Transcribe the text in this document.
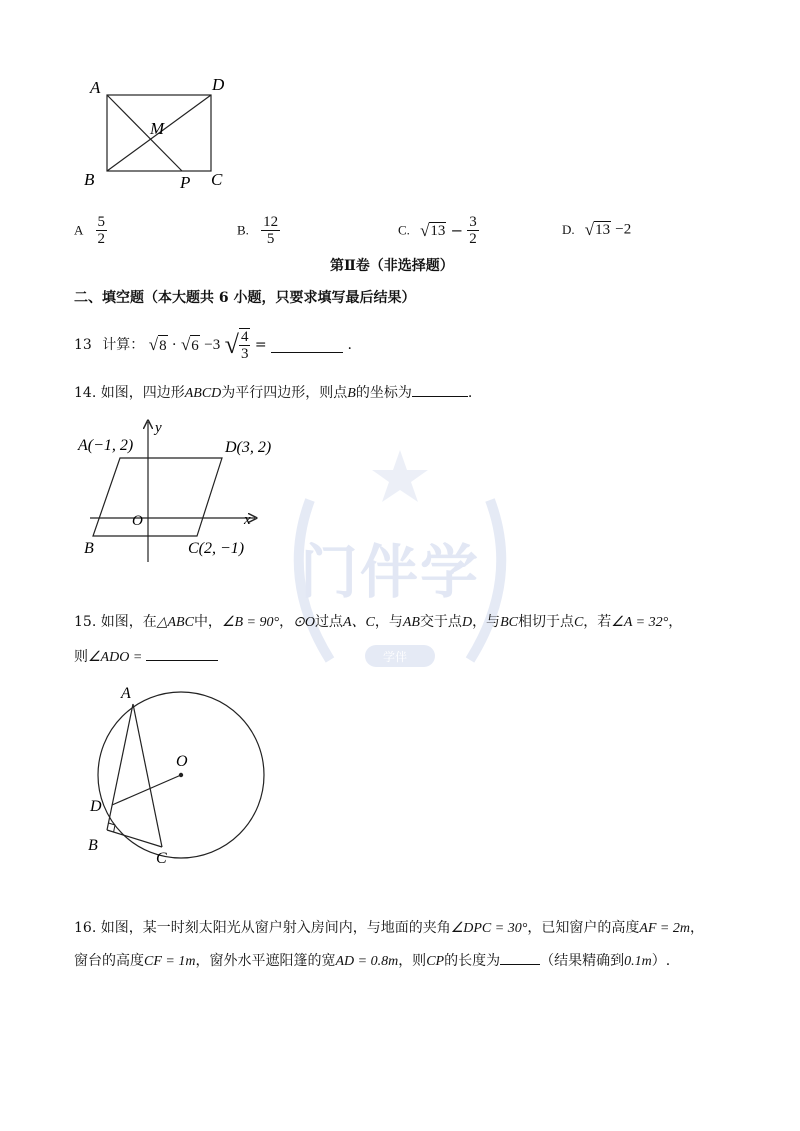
门伴学
学伴
A	D
M
B	P C
A $\frac{5}{2}$	B. $\frac{12}{5}$	C. $√13 - \frac{3}{2}$	D. √13 −2
第Ⅱ卷（非选择题）
二、填空题（本大题共 6 小题，只要求填写最后结果）
13 计算： √8 · √6 −3 √ $\frac{4}{3}$ =	.
14. 如图，四边形ABCD为平行四边形，则点B的坐标为	.
y
x
O
A(−1, 2)	D(3, 2)
B	C(2, −1)
15. 如图，在△ABC中，∠B = 90°，⊙O过点A、C，与AB交于点D，与BC相切于点C，若∠A = 32°，
则∠ADO =
A
O
D
B
C
16. 如图，某一时刻太阳光从窗户射入房间内，与地面的夹角∠DPC = 30°，已知窗户的高度AF = 2m，
窗台的高度CF = 1m，窗外水平遮阳篷的宽AD = 0.8m，则CP的长度为	（结果精确到0.1m）.
